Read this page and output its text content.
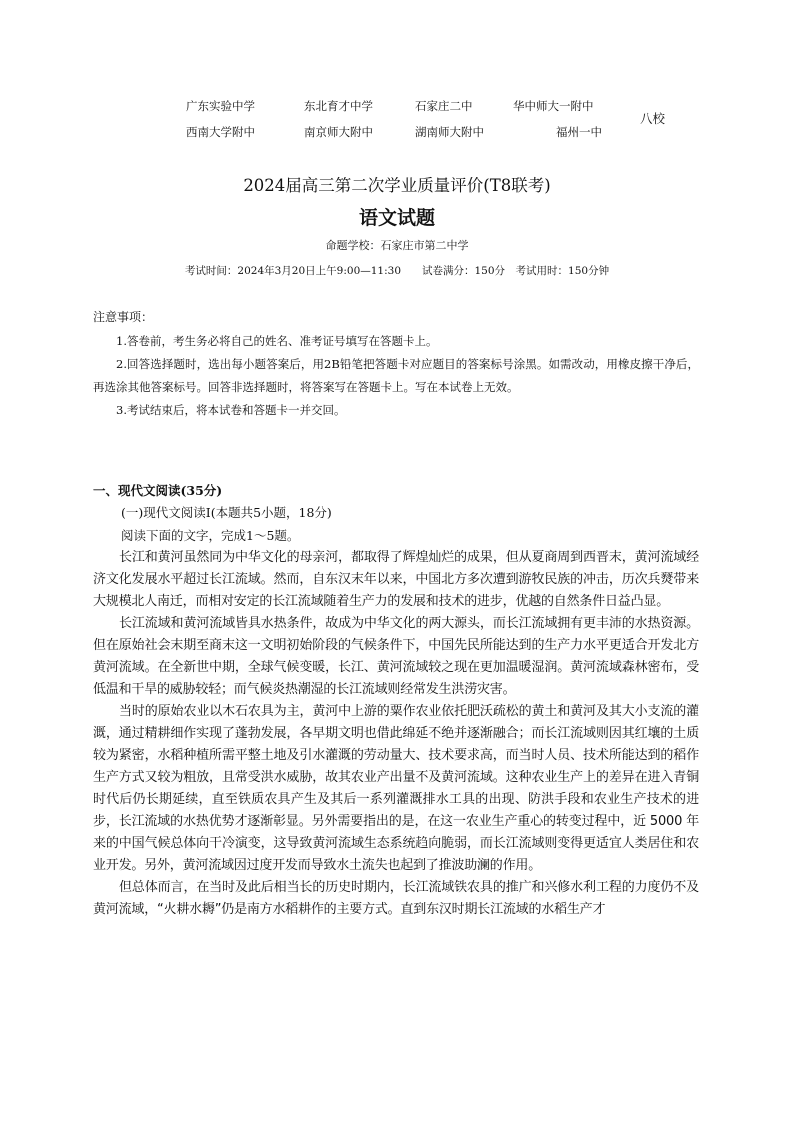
广东实验中学	东北育才中学	石家庄二中	华中师大一附中
西南大学附中	南京师大附中	湖南师大附中	福州一中
八校
2024届高三第二次学业质量评价(T8联考)
语文试题
命题学校：石家庄市第二中学
考试时间：2024年3月20日上午9:00—11:30　　试卷满分：150分　考试用时：150分钟
注意事项：

1.答卷前，考生务必将自己的姓名、准考证号填写在答题卡上。

2.回答选择题时，选出每小题答案后，用2B铅笔把答题卡对应题目的答案标号涂黑。如需改动，用橡皮擦干净后，再选涂其他答案标号。回答非选择题时，将答案写在答题卡上。写在本试卷上无效。

3.考试结束后，将本试卷和答题卡一并交回。

一、现代文阅读(35分)
(一)现代文阅读Ⅰ(本题共5小题，18分)
阅读下面的文字，完成1～5题。

长江和黄河虽然同为中华文化的母亲河，都取得了辉煌灿烂的成果，但从夏商周到西晋末，黄河流域经济文化发展水平超过长江流域。然而，自东汉末年以来，中国北方多次遭到游牧民族的冲击，历次兵燹带来大规模北人南迁，而相对安定的长江流域随着生产力的发展和技术的进步，优越的自然条件日益凸显。

长江流域和黄河流域皆具水热条件，故成为中华文化的两大源头，而长江流域拥有更丰沛的水热资源。但在原始社会末期至商末这一文明初始阶段的气候条件下，中国先民所能达到的生产力水平更适合开发北方黄河流域。在全新世中期，全球气候变暖，长江、黄河流域较之现在更加温暖湿润。黄河流域森林密布，受低温和干旱的威胁较轻；而气候炎热潮湿的长江流域则经常发生洪涝灾害。

当时的原始农业以木石农具为主，黄河中上游的粟作农业依托肥沃疏松的黄土和黄河及其大小支流的灌溉，通过精耕细作实现了蓬勃发展，各早期文明也借此绵延不绝并逐渐融合；而长江流域则因其红壤的土质较为紧密，水稻种植所需平整土地及引水灌溉的劳动量大、技术要求高，而当时人员、技术所能达到的稻作生产方式又较为粗放，且常受洪水威胁，故其农业产出量不及黄河流域。这种农业生产上的差异在进入青铜时代后仍长期延续，直至铁质农具产生及其后一系列灌溉排水工具的出现、防洪手段和农业生产技术的进步，长江流域的水热优势才逐渐彰显。另外需要指出的是，在这一农业生产重心的转变过程中，近 5000 年来的中国气候总体向干冷演变，这导致黄河流域生态系统趋向脆弱，而长江流域则变得更适宜人类居住和农业开发。另外，黄河流域因过度开发而导致水土流失也起到了推波助澜的作用。

但总体而言，在当时及此后相当长的历史时期内，长江流域铁农具的推广和兴修水利工程的力度仍不及黄河流域，“火耕水耨”仍是南方水稻耕作的主要方式。直到东汉时期长江流域的水稻生产才
